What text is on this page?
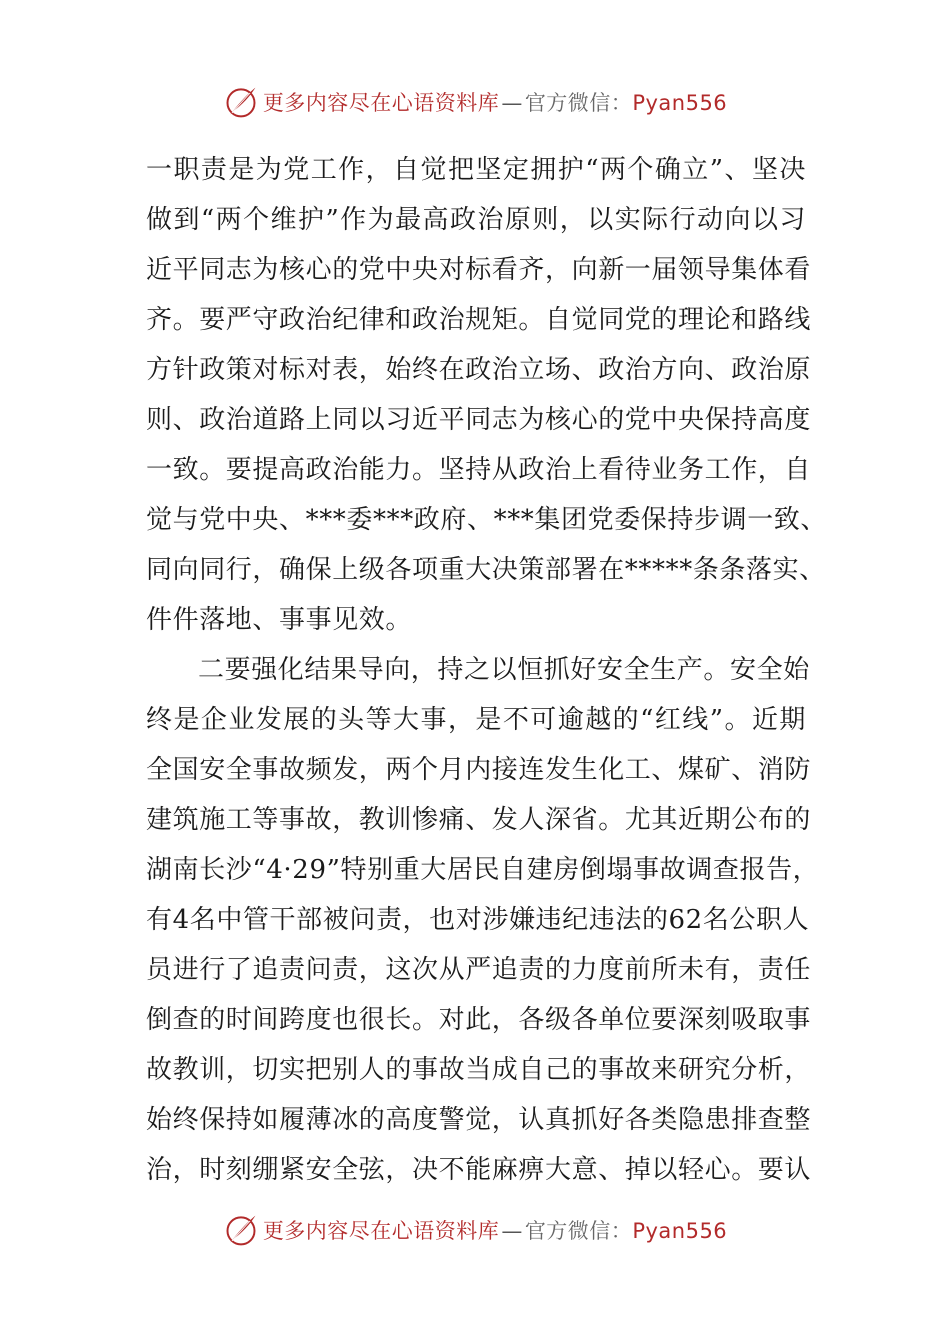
更多内容尽在心语资料库—官方微信：Pyan556
一职责是为党工作，自觉把坚定拥护“两个确立”、坚决
做到“两个维护”作为最高政治原则，以实际行动向以习
近平同志为核心的党中央对标看齐，向新一届领导集体看
齐。要严守政治纪律和政治规矩。自觉同党的理论和路线
方针政策对标对表，始终在政治立场、政治方向、政治原
则、政治道路上同以习近平同志为核心的党中央保持高度
一致。要提高政治能力。坚持从政治上看待业务工作，自
觉与党中央、***委***政府、***集团党委保持步调一致、
同向同行，确保上级各项重大决策部署在*****条条落实、
件件落地、事事见效。
二要强化结果导向，持之以恒抓好安全生产。安全始
终是企业发展的头等大事，是不可逾越的“红线”。近期
全国安全事故频发，两个月内接连发生化工、煤矿、消防
建筑施工等事故，教训惨痛、发人深省。尤其近期公布的
湖南长沙“4·29”特别重大居民自建房倒塌事故调查报告，
有4名中管干部被问责，也对涉嫌违纪违法的62名公职人
员进行了追责问责，这次从严追责的力度前所未有，责任
倒查的时间跨度也很长。对此，各级各单位要深刻吸取事
故教训，切实把别人的事故当成自己的事故来研究分析，
始终保持如履薄冰的高度警觉，认真抓好各类隐患排查整
治，时刻绷紧安全弦，决不能麻痹大意、掉以轻心。要认
更多内容尽在心语资料库—官方微信：Pyan556
